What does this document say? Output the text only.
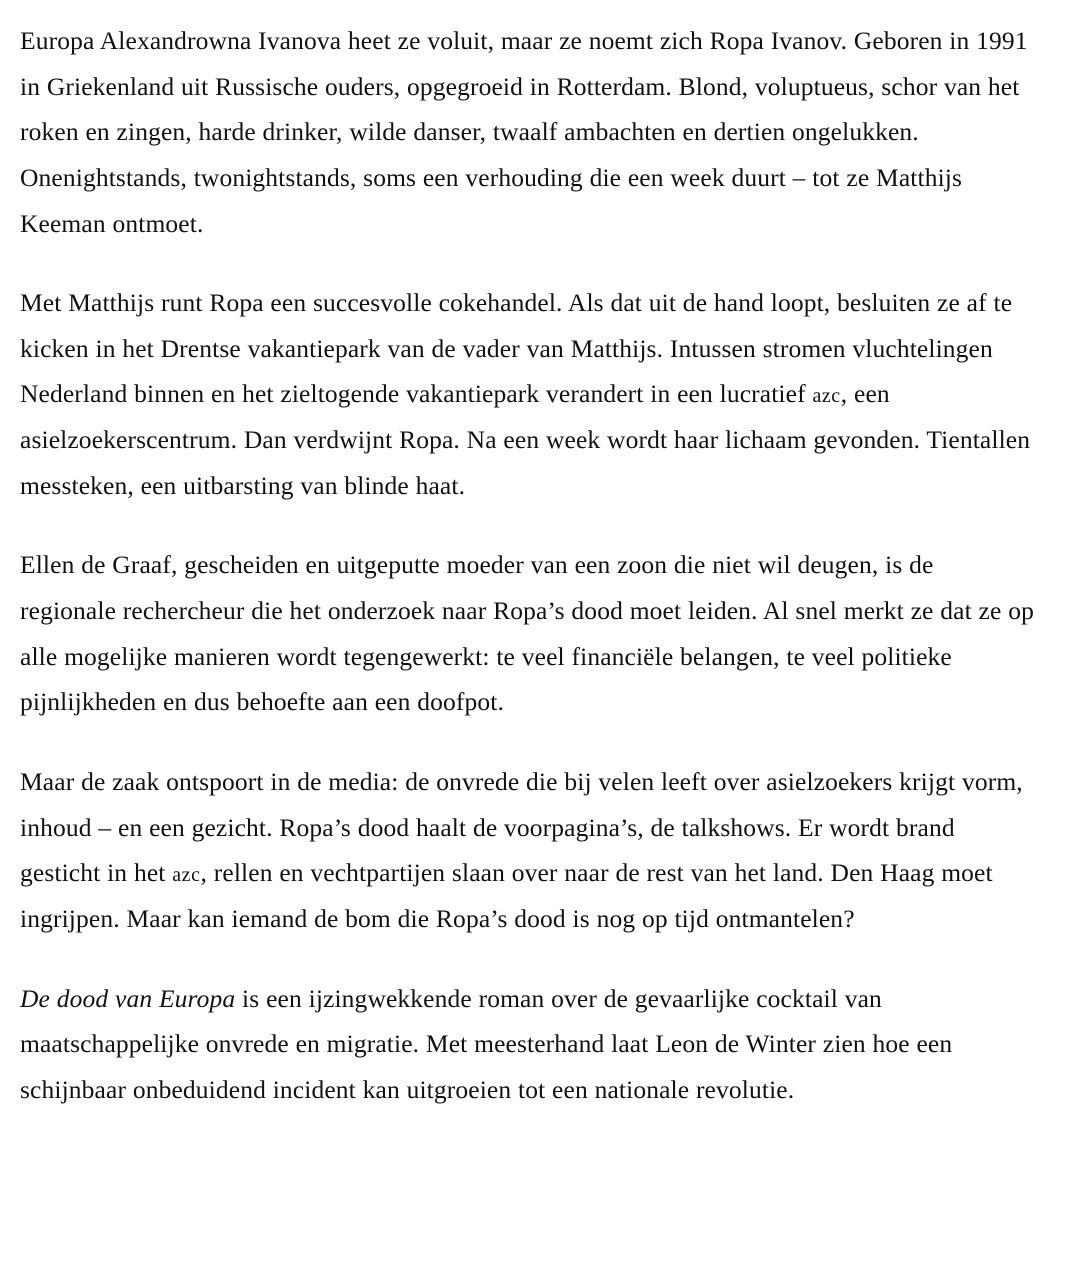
Europa Alexandrowna Ivanova heet ze voluit, maar ze noemt zich Ropa Ivanov. Geboren in 1991 in Griekenland uit Russische ouders, opgegroeid in Rotterdam. Blond, voluptueus, schor van het roken en zingen, harde drinker, wilde danser, twaalf ambachten en dertien ongelukken. Onenightstands, twonightstands, soms een verhouding die een week duurt – tot ze Matthijs Keeman ontmoet.

Met Matthijs runt Ropa een succesvolle cokehandel. Als dat uit de hand loopt, besluiten ze af te kicken in het Drentse vakantiepark van de vader van Matthijs. Intussen stromen vluchtelingen Nederland binnen en het zieltogende vakantiepark verandert in een lucratief azc, een asielzoekerscentrum. Dan verdwijnt Ropa. Na een week wordt haar lichaam gevonden. Tientallen messteken, een uitbarsting van blinde haat.

Ellen de Graaf, gescheiden en uitgeputte moeder van een zoon die niet wil deugen, is de regionale rechercheur die het onderzoek naar Ropa’s dood moet leiden. Al snel merkt ze dat ze op alle mogelijke manieren wordt tegengewerkt: te veel financiële belangen, te veel politieke pijnlijkheden en dus behoefte aan een doofpot.

Maar de zaak ontspoort in de media: de onvrede die bij velen leeft over asielzoekers krijgt vorm, inhoud – en een gezicht. Ropa’s dood haalt de voorpagina’s, de talkshows. Er wordt brand gesticht in het azc, rellen en vechtpartijen slaan over naar de rest van het land. Den Haag moet ingrijpen. Maar kan iemand de bom die Ropa’s dood is nog op tijd ontmantelen?

De dood van Europa is een ijzingwekkende roman over de gevaarlijke cocktail van maatschappelijke onvrede en migratie. Met meesterhand laat Leon de Winter zien hoe een schijnbaar onbeduidend incident kan uitgroeien tot een nationale revolutie.
